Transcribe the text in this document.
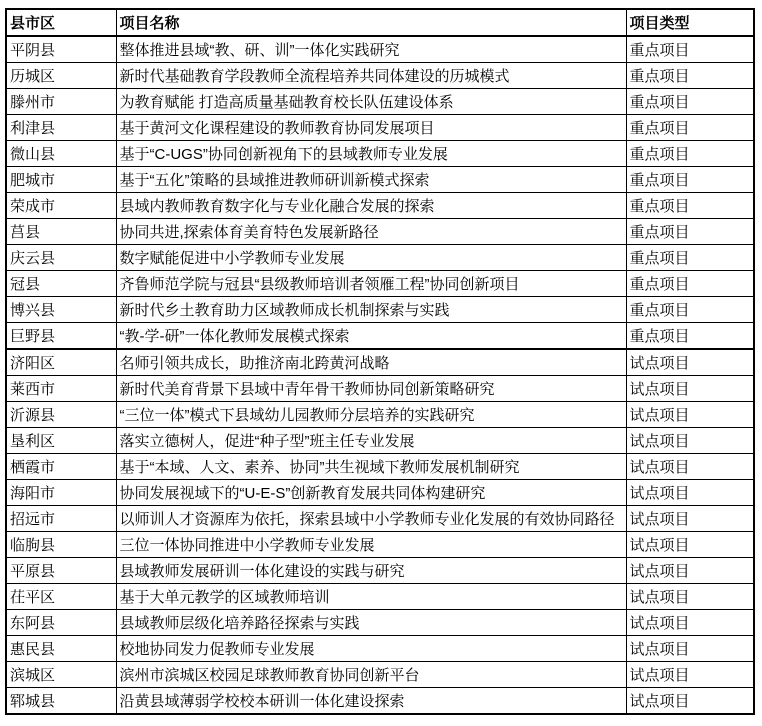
县市区	项目名称	项目类型
平阴县	整体推进县域“教、研、训”一体化实践研究	重点项目
历城区	新时代基础教育学段教师全流程培养共同体建设的历城模式	重点项目
滕州市	为教育赋能 打造高质量基础教育校长队伍建设体系	重点项目
利津县	基于黄河文化课程建设的教师教育协同发展项目	重点项目
微山县	基于“C-UGS”协同创新视角下的县域教师专业发展	重点项目
肥城市	基于“五化”策略的县域推进教师研训新模式探索	重点项目
荣成市	县域内教师教育数字化与专业化融合发展的探索	重点项目
莒县	协同共进,探索体育美育特色发展新路径	重点项目
庆云县	数字赋能促进中小学教师专业发展	重点项目
冠县	齐鲁师范学院与冠县“县级教师培训者领雁工程”协同创新项目	重点项目
博兴县	新时代乡土教育助力区域教师成长机制探索与实践	重点项目
巨野县	“教-学-研”一体化教师发展模式探索	重点项目
济阳区	名师引领共成长，助推济南北跨黄河战略	试点项目
莱西市	新时代美育背景下县域中青年骨干教师协同创新策略研究	试点项目
沂源县	“三位一体”模式下县域幼儿园教师分层培养的实践研究	试点项目
垦利区	落实立德树人，促进“种子型”班主任专业发展	试点项目
栖霞市	基于“本域、人文、素养、协同”共生视域下教师发展机制研究	试点项目
海阳市	协同发展视域下的“U-E-S”创新教育发展共同体构建研究	试点项目
招远市	以师训人才资源库为依托，探索县域中小学教师专业化发展的有效协同路径	试点项目
临朐县	三位一体协同推进中小学教师专业发展	试点项目
平原县	县域教师发展研训一体化建设的实践与研究	试点项目
茌平区	基于大单元教学的区域教师培训	试点项目
东阿县	县域教师层级化培养路径探索与实践	试点项目
惠民县	校地协同发力促教师专业发展	试点项目
滨城区	滨州市滨城区校园足球教师教育协同创新平台	试点项目
郓城县	沿黄县域薄弱学校校本研训一体化建设探索	试点项目
